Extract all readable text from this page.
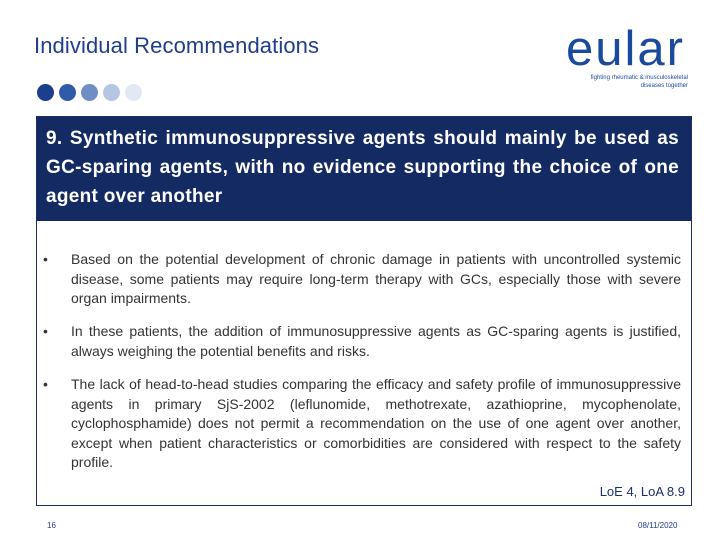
Individual Recommendations	eular
fighting rheumatic & musculoskeletal
diseases together
9. Synthetic immunosuppressive agents should mainly be used as GC-sparing agents, with no evidence supporting the choice of one agent over another
• Based on the potential development of chronic damage in patients with uncontrolled systemic disease, some patients may require long-term therapy with GCs, especially those with severe organ impairments.
• In these patients, the addition of immunosuppressive agents as GC-sparing agents is justified, always weighing the potential benefits and risks.
• The lack of head-to-head studies comparing the efficacy and safety profile of immunosuppressive agents in primary SjS-2002 (leflunomide, methotrexate, azathioprine, mycophenolate, cyclophosphamide) does not permit a recommendation on the use of one agent over another, except when patient characteristics or comorbidities are considered with respect to the safety profile.
LoE 4, LoA 8.9
16	08/11/2020
